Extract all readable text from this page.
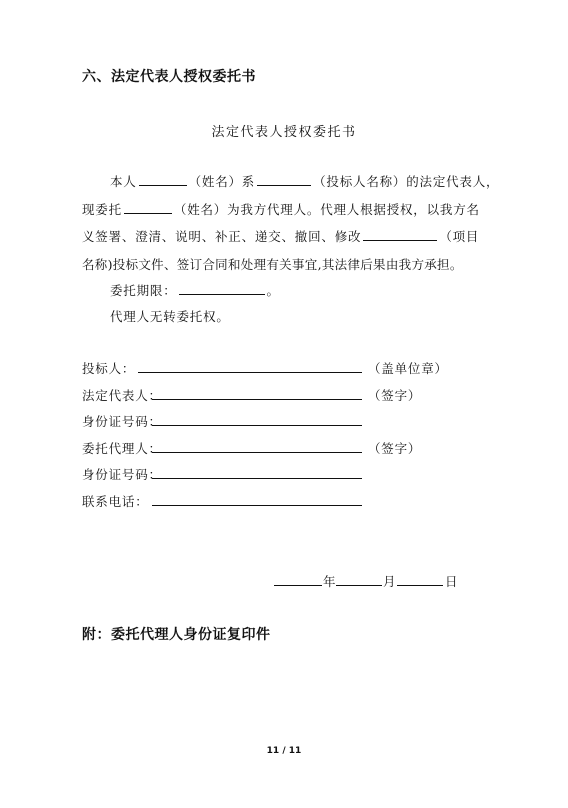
六、法定代表人授权委托书
法定代表人授权委托书
本人	（姓名）系	（投标人名称）的法定代表人，
现委托	（姓名）为我方代理人。代理人根据授权，以我方名
义签署、澄清、说明、补正、递交、撤回、修改	（项目
名称)投标文件、签订合同和处理有关事宜,其法律后果由我方承担。
委托期限：	。
代理人无转委托权。
投标人：	（盖单位章）
法定代表人：	（签字）
身份证号码：
委托代理人：	（签字）
身份证号码：
联系电话：
年	月	日
附：委托代理人身份证复印件
11 / 11
